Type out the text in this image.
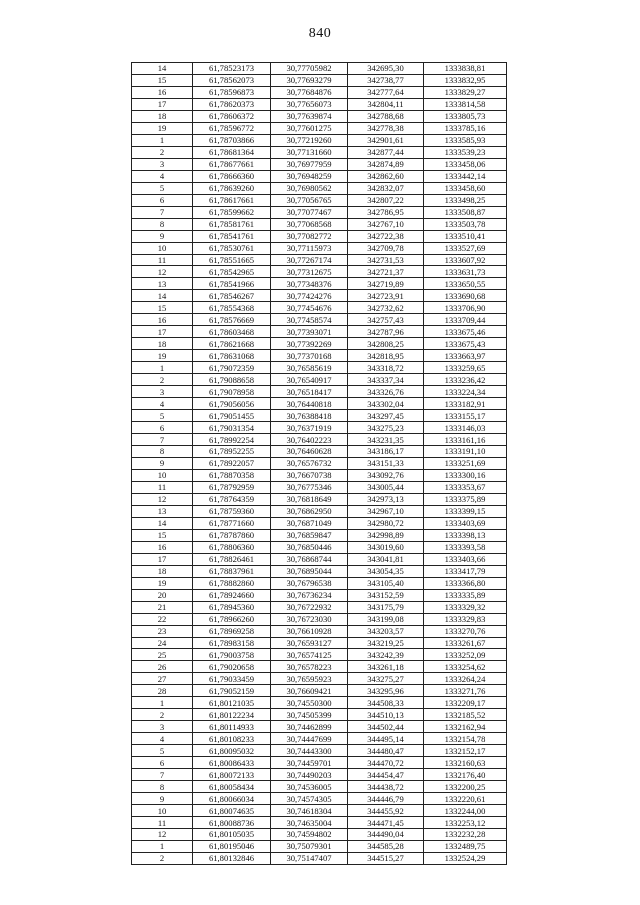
840
14	61,78523173	30,77705982	342695,30	1333838,81
15	61,78562073	30,77693279	342738,77	1333832,95
16	61,78596873	30,77684876	342777,64	1333829,27
17	61,78620373	30,77656073	342804,11	1333814,58
18	61,78606372	30,77639874	342788,68	1333805,73
19	61,78596772	30,77601275	342778,38	1333785,16
1	61,78703866	30,77219260	342901,61	1333585,93
2	61,78681364	30,77131660	342877,44	1333539,23
3	61,78677661	30,76977959	342874,89	1333458,06
4	61,78666360	30,76948259	342862,60	1333442,14
5	61,78639260	30,76980562	342832,07	1333458,60
6	61,78617661	30,77056765	342807,22	1333498,25
7	61,78599662	30,77077467	342786,95	1333508,87
8	61,78581761	30,77068568	342767,10	1333503,78
9	61,78541761	30,77082772	342722,38	1333510,41
10	61,78530761	30,77115973	342709,78	1333527,69
11	61,78551665	30,77267174	342731,53	1333607,92
12	61,78542965	30,77312675	342721,37	1333631,73
13	61,78541966	30,77348376	342719,89	1333650,55
14	61,78546267	30,77424276	342723,91	1333690,68
15	61,78554368	30,77454676	342732,62	1333706,90
16	61,78576669	30,77458574	342757,43	1333709,44
17	61,78603468	30,77393071	342787,96	1333675,46
18	61,78621668	30,77392269	342808,25	1333675,43
19	61,78631068	30,77370168	342818,95	1333663,97
1	61,79072359	30,76585619	343318,72	1333259,65
2	61,79088658	30,76540917	343337,34	1333236,42
3	61,79078958	30,76518417	343326,76	1333224,34
4	61,79056056	30,76440818	343302,04	1333182,91
5	61,79051455	30,76388418	343297,45	1333155,17
6	61,79031354	30,76371919	343275,23	1333146,03
7	61,78992254	30,76402223	343231,35	1333161,16
8	61,78952255	30,76460628	343186,17	1333191,10
9	61,78922057	30,76576732	343151,33	1333251,69
10	61,78870358	30,76670738	343092,76	1333300,16
11	61,78792959	30,76775346	343005,44	1333353,67
12	61,78764359	30,76818649	342973,13	1333375,89
13	61,78759360	30,76862950	342967,10	1333399,15
14	61,78771660	30,76871049	342980,72	1333403,69
15	61,78787860	30,76859847	342998,89	1333398,13
16	61,78806360	30,76850446	343019,60	1333393,58
17	61,78826461	30,76868744	343041,81	1333403,66
18	61,78837961	30,76895044	343054,35	1333417,79
19	61,78882860	30,76796538	343105,40	1333366,80
20	61,78924660	30,76736234	343152,59	1333335,89
21	61,78945360	30,76722932	343175,79	1333329,32
22	61,78966260	30,76723030	343199,08	1333329,83
23	61,78969258	30,76610928	343203,57	1333270,76
24	61,78983158	30,76593127	343219,25	1333261,67
25	61,79003758	30,76574125	343242,39	1333252,09
26	61,79020658	30,76578223	343261,18	1333254,62
27	61,79033459	30,76595923	343275,27	1333264,24
28	61,79052159	30,76609421	343295,96	1333271,76
1	61,80121035	30,74550300	344508,33	1332209,17
2	61,80122234	30,74505399	344510,13	1332185,52
3	61,80114933	30,74462899	344502,44	1332162,94
4	61,80108233	30,74447699	344495,14	1332154,78
5	61,80095032	30,74443300	344480,47	1332152,17
6	61,80086433	30,74459701	344470,72	1332160,63
7	61,80072133	30,74490203	344454,47	1332176,40
8	61,80058434	30,74536005	344438,72	1332200,25
9	61,80066034	30,74574305	344446,79	1332220,61
10	61,80074635	30,74618304	344455,92	1332244,00
11	61,80088736	30,74635004	344471,45	1332253,12
12	61,80105035	30,74594802	344490,04	1332232,28
1	61,80195046	30,75079301	344585,28	1332489,75
2	61,80132846	30,75147407	344515,27	1332524,29
